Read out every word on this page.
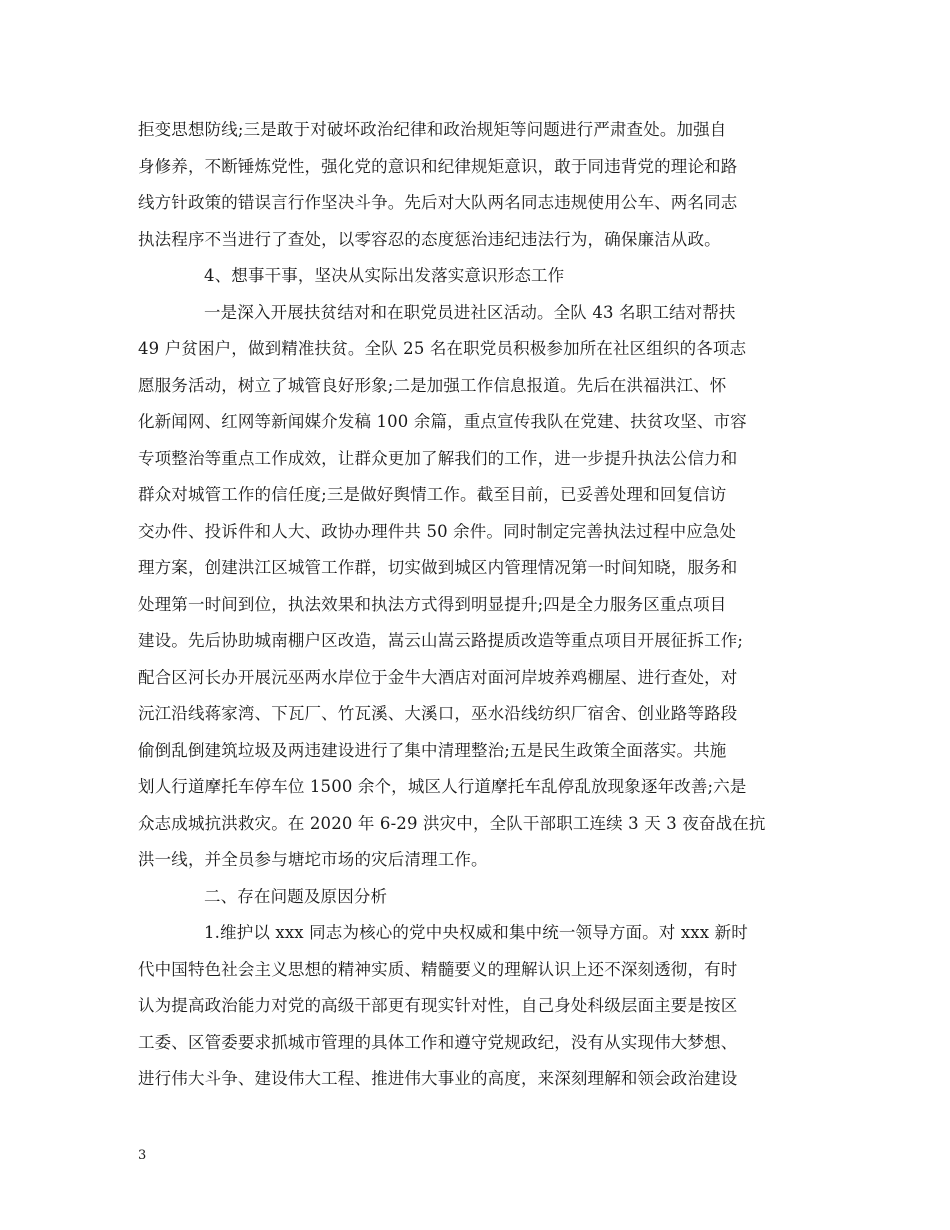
拒变思想防线;三是敢于对破坏政治纪律和政治规矩等问题进行严肃查处。加强自
身修养，不断锤炼党性，强化党的意识和纪律规矩意识，敢于同违背党的理论和路
线方针政策的错误言行作坚决斗争。先后对大队两名同志违规使用公车、两名同志
执法程序不当进行了查处，以零容忍的态度惩治违纪违法行为，确保廉洁从政。
4、想事干事，坚决从实际出发落实意识形态工作
一是深入开展扶贫结对和在职党员进社区活动。全队 43 名职工结对帮扶
49 户贫困户，做到精准扶贫。全队 25 名在职党员积极参加所在社区组织的各项志
愿服务活动，树立了城管良好形象;二是加强工作信息报道。先后在洪福洪江、怀
化新闻网、红网等新闻媒介发稿 100 余篇，重点宣传我队在党建、扶贫攻坚、市容
专项整治等重点工作成效，让群众更加了解我们的工作，进一步提升执法公信力和
群众对城管工作的信任度;三是做好舆情工作。截至目前，已妥善处理和回复信访
交办件、投诉件和人大、政协办理件共 50 余件。同时制定完善执法过程中应急处
理方案，创建洪江区城管工作群，切实做到城区内管理情况第一时间知晓，服务和
处理第一时间到位，执法效果和执法方式得到明显提升;四是全力服务区重点项目
建设。先后协助城南棚户区改造，嵩云山嵩云路提质改造等重点项目开展征拆工作;
配合区河长办开展沅巫两水岸位于金牛大酒店对面河岸坡养鸡棚屋、进行查处，对
沅江沿线蒋家湾、下瓦厂、竹瓦溪、大溪口，巫水沿线纺织厂宿舍、创业路等路段
偷倒乱倒建筑垃圾及两违建设进行了集中清理整治;五是民生政策全面落实。共施
划人行道摩托车停车位 1500 余个，城区人行道摩托车乱停乱放现象逐年改善;六是
众志成城抗洪救灾。在 2020 年 6-29 洪灾中，全队干部职工连续 3 天 3 夜奋战在抗
洪一线，并全员参与塘坨市场的灾后清理工作。
二、存在问题及原因分析
1.维护以 xxx 同志为核心的党中央权威和集中统一领导方面。对 xxx 新时
代中国特色社会主义思想的精神实质、精髓要义的理解认识上还不深刻透彻，有时
认为提高政治能力对党的高级干部更有现实针对性，自己身处科级层面主要是按区
工委、区管委要求抓城市管理的具体工作和遵守党规政纪，没有从实现伟大梦想、
进行伟大斗争、建设伟大工程、推进伟大事业的高度，来深刻理解和领会政治建设
3
